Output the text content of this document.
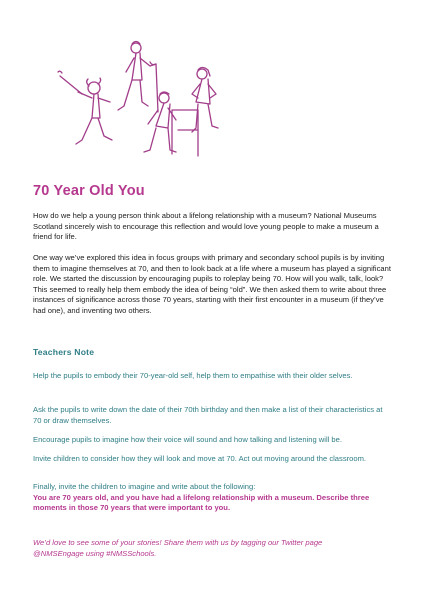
70 Year Old You

How do we help a young person think about a lifelong relationship with a museum? National Museums Scotland sincerely wish to encourage this reflection and would love young people to make a museum a friend for life.

One way we’ve explored this idea in focus groups with primary and secondary school pupils is by inviting them to imagine themselves at 70, and then to look back at a life where a museum has played a significant role. We started the discussion by encouraging pupils to roleplay being 70. How will you walk, talk, look? This seemed to really help them embody the idea of being “old”. We then asked them to write about three instances of significance across those 70 years, starting with their first encounter in a museum (if they’ve had one), and inventing two others.

Teachers Note

Help the pupils to embody their 70-year-old self, help them to empathise with their older selves.

Ask the pupils to write down the date of their 70th birthday and then make a list of their characteristics at 70 or draw themselves.

Encourage pupils to imagine how their voice will sound and how talking and listening will be.

Invite children to consider how they will look and move at 70. Act out moving around the classroom.

Finally, invite the children to imagine and write about the following:
You are 70 years old, and you have had a lifelong relationship with a museum. Describe three moments in those 70 years that were important to you.

We’d love to see some of your stories! Share them with us by tagging our Twitter page @NMSEngage using #NMSSchools.
